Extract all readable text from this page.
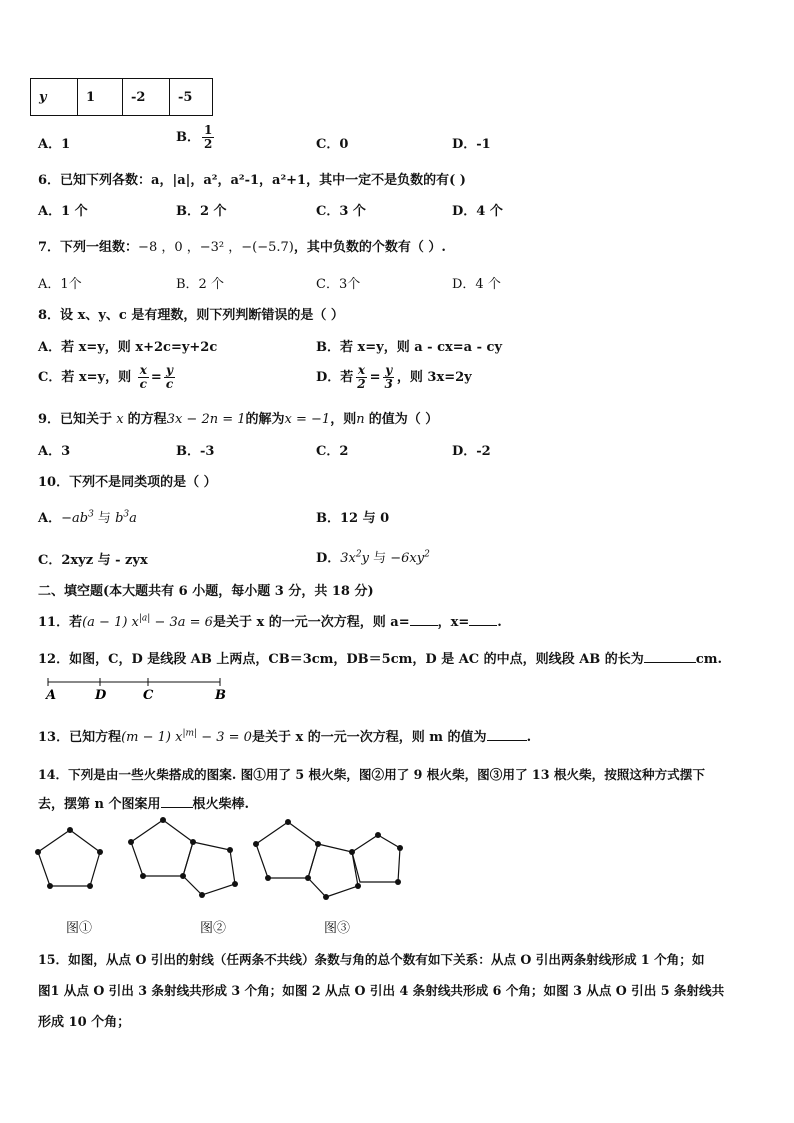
y	1	-2	-5
A．1	B． $\frac{1}{2}$	C．0	D．-1
6．已知下列各数：a，|a|，a²，a²-1，a²+1，其中一定不是负数的有( )
A．1 个	B．2 个	C．3 个	D．4 个
7．下列一组数：−8 ，0 ，−3² ，−(−5.7)，其中负数的个数有（ ）.
A．1个	B．2 个	C．3个	D．4 个
8．设 x、y、c 是有理数，则下列判断错误的是（ ）
A．若 x=y，则 x+2c=y+2c	B．若 x=y，则 a - cx=a - cy
C．若 x=y，则 $\frac{x}{c} = \frac{y}{c}$	D．若 $\frac{x}{2} = \frac{y}{3}$ ，则 3x=2y
9．已知关于 x 的方程3x − 2n = 1的解为x = −1，则n 的值为（ ）
A．3	B．-3	C．2	D．-2
10．下列不是同类项的是（ ）
A．$-ab^3$ 与 $b^3a$	B．12 与 0
C．2xyz 与 - zyx	D．$3x^2y$ 与 $-6xy^2$
二、填空题(本大题共有 6 小题，每小题 3 分，共 18 分)
11．若(a − 1) $x^{|a|} - 3a = 6$是关于 x 的一元一次方程，则 a= ，x= .
12．如图，C，D 是线段 AB 上两点，CB＝3cm，DB＝5cm，D 是 AC 的中点，则线段 AB 的长为	cm.
A	D	C	B
13．已知方程(m − 1) $x^{|m|} - 3 = 0$是关于 x 的一元一次方程，则 m 的值为	.
14．下列是由一些火柴搭成的图案. 图①用了 5 根火柴，图②用了 9 根火柴，图③用了 13 根火柴，按照这种方式摆下
去，摆第 n 个图案用 根火柴棒.
图①	图②	图③
15．如图，从点 O 引出的射线（任两条不共线）条数与角的总个数有如下关系：从点 O 引出两条射线形成 1 个角；如
图1 从点 O 引出 3 条射线共形成 3 个角；如图 2 从点 O 引出 4 条射线共形成 6 个角；如图 3 从点 O 引出 5 条射线共
形成 10 个角；
